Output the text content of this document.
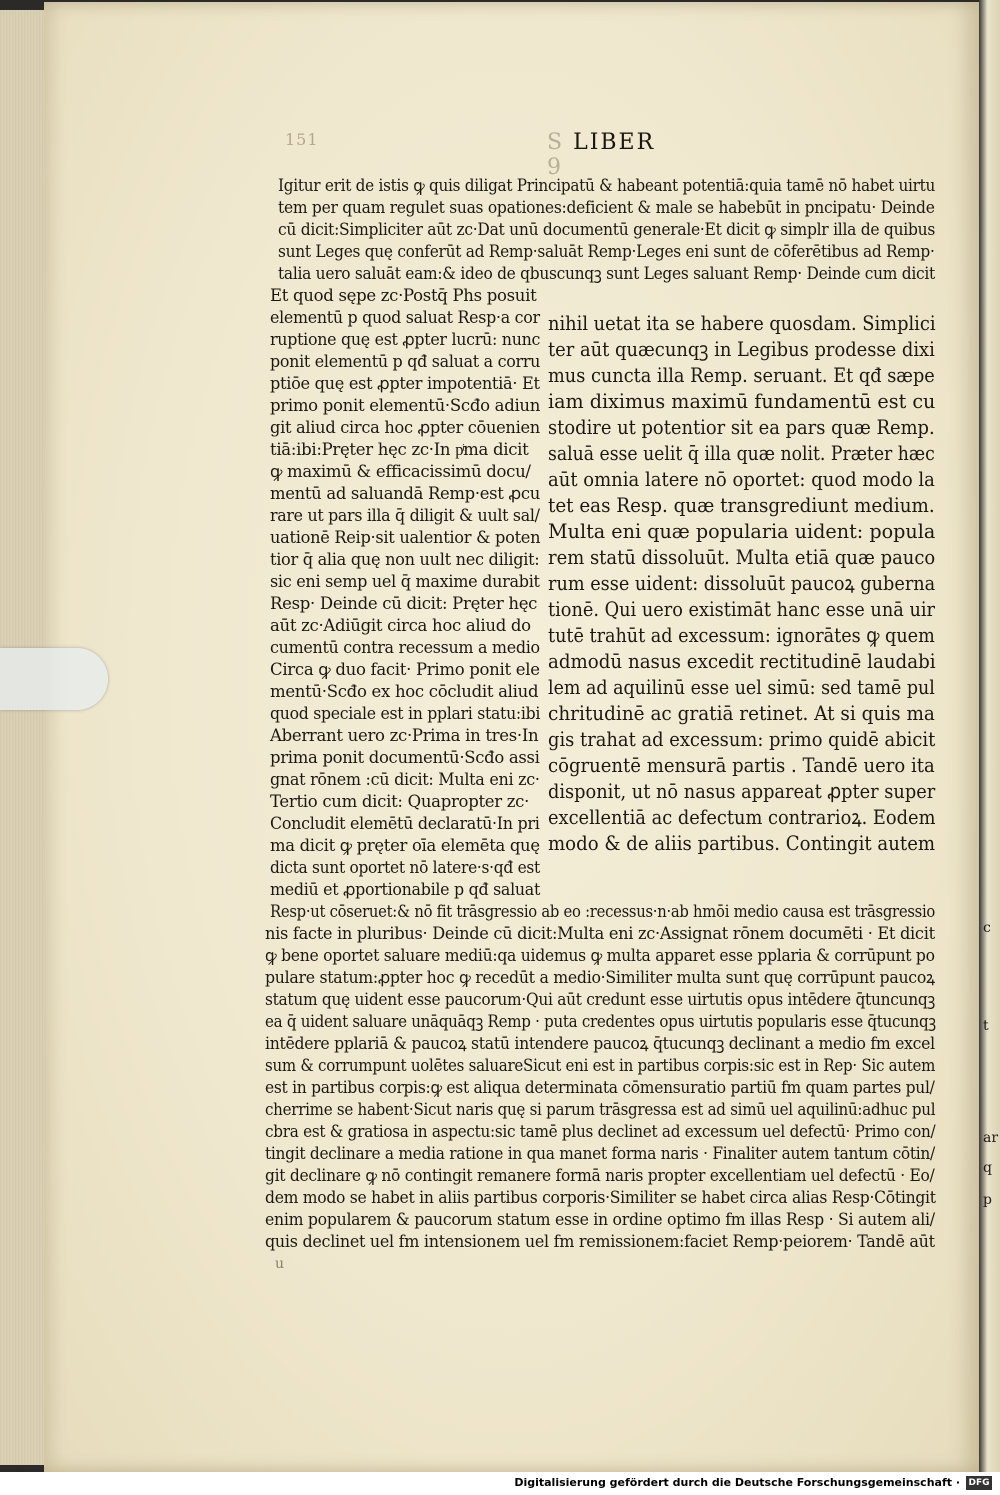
c
t
ar
q
p
151	S LIBER 9
Igitur erit de istis ꝙ quis diligat Principatū & habeant potentiā:quia tamē nō habet uirtu
tem per quam regulet suas opationes:deficient & male se habebūt in pncipatu· Deinde
cū dicit:Simpliciter aūt zc·Dat unū documentū generale·Et dicit ꝙ simplr illa de quibus
sunt Leges quę conferūt ad Remp·saluāt Remp·Leges eni sunt de cōferētibus ad Remp·
talia uero saluāt eam:& ideo de qbuscunqꝫ sunt Leges saluant Remp· Deinde cum dicit
Et quod sępe zc·Postq̄ Phs posuit
elementū p quod saluat Resp·a cor
ruptione quę est ꝓpter lucrū: nunc
ponit elementū p qđ saluat a corru
ptiōe quę est ꝓpter impotentiā· Et
primo ponit elementū·Scđo adiun
git aliud circa hoc ꝓpter cōuenien
tiā:ibi:Pręter hęc zc·In pͥma dicit
ꝙ maximū & efficacissimū docu/
mentū ad saluandā Remp·est ꝓcu
rare ut pars illa q̄ diligit & uult sal/
uationē Reip·sit ualentior & poten
tior q̄ alia quę non uult nec diligit:
sic eni semp uel q̄ maxime durabit
Resp· Deinde cū dicit: Pręter hęc
aūt zc·Adiūgit circa hoc aliud do
cumentū contra recessum a medio
Circa ꝙ duo facit· Primo ponit ele
mentū·Scđo ex hoc cōcludit aliud
quod speciale est in pplari statu:ibi
Aberrant uero zc·Prima in tres·In
prima ponit documentū·Scđo assi
gnat rōnem :cū dicit: Multa eni zc·
Tertio cum dicit: Quapropter zc·
Concludit elemētū declaratū·In pri
ma dicit ꝙ pręter oīa elemēta quę
dicta sunt oportet nō latere·s·qđ est
mediū et ꝓportionabile p qđ saluat
Resp·ut cōseruet:& nō fit trāsgressio ab eo :recessus·n·ab hmōi medio causa est trāsgressio
nihil uetat ita se habere quosdam. Simplici
ter aūt quæcunqꝫ in Legibus prodesse dixi
mus cuncta illa Remp. seruant. Et qđ sæpe
iam diximus maximū fundamentū est cu
stodire ut potentior sit ea pars quæ Remp.
saluā esse uelit q̄ illa quæ nolit. Præter hæc
aūt omnia latere nō oportet: quod modo la
tet eas Resp. quæ transgrediunt medium.
Multa eni quæ popularia uident: popula
rem statū dissoluūt. Multa etiā quæ pauco
rum esse uident: dissoluūt paucoꝝ guberna
tionē. Qui uero existimāt hanc esse unā uir
tutē trahūt ad excessum: ignorātes ꝙ quem
admodū nasus excedit rectitudinē laudabi
lem ad aquilinū esse uel simū: sed tamē pul
chritudinē ac gratiā retinet. At si quis ma
gis trahat ad excessum: primo quidē abicit
cōgruentē mensurā partis . Tandē uero ita
disponit, ut nō nasus appareat ꝓpter super
excellentiā ac defectum contrarioꝝ. Eodem
modo & de aliis partibus. Contingit autem
nis facte in pluribus· Deinde cū dicit:Multa eni zc·Assignat rōnem documēti · Et dicit
ꝙ bene oportet saluare mediū:qa uidemus ꝙ multa apparet esse pplaria & corrūpunt po
pulare statum:ꝓpter hoc ꝙ recedūt a medio·Similiter multa sunt quę corrūpunt paucoꝝ
statum quę uident esse paucorum·Qui aūt credunt esse uirtutis opus intēdere q̄tuncunqꝫ
ea q̄ uident saluare unāquāqꝫ Remp · puta credentes opus uirtutis popularis esse q̄tucunqꝫ
intēdere pplariā & paucoꝝ statū intendere paucoꝝ q̄tucunqꝫ declinant a medio fm excel
sum & corrumpunt uolētes saluareSicut eni est in partibus corpis:sic est in Rep· Sic autem
est in partibus corpis:ꝙ est aliqua determinata cōmensuratio partiū fm quam partes pul/
cherrime se habent·Sicut naris quę si parum trāsgressa est ad simū uel aquilinū:adhuc pul
cbra est & gratiosa in aspectu:sic tamē plus declinet ad excessum uel defectū· Primo con/
tingit declinare a media ratione in qua manet forma naris · Finaliter autem tantum cōtin/
git declinare ꝙ nō contingit remanere formā naris propter excellentiam uel defectū · Eo/
dem modo se habet in aliis partibus corporis·Similiter se habet circa alias Resp·Cōtingit
enim popularem & paucorum statum esse in ordine optimo fm illas Resp · Si autem ali/
quis declinet uel fm intensionem uel fm remissionem:faciet Remp·peiorem· Tandē aūt
u
Digitalisierung gefördert durch die Deutsche Forschungsgemeinschaft · DFG
